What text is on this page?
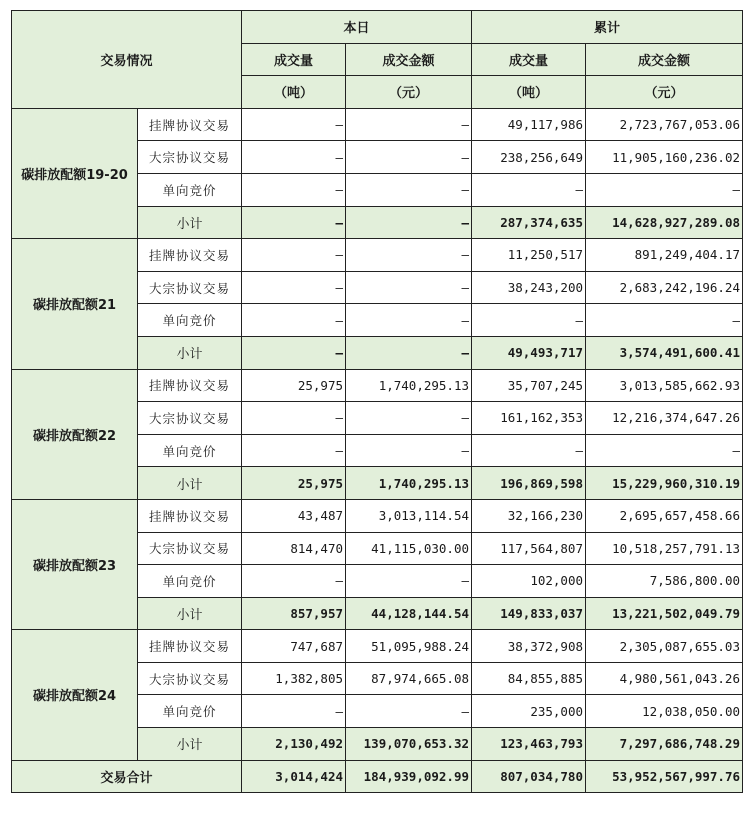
交易情况		本日		累计	
		成交量	成交金额	成交量	成交金额
		（吨）	（元）	（吨）	（元）
碳排放配额19-20	挂牌协议交易	–	–	49,117,986	2,723,767,053.06
	大宗协议交易	–	–	238,256,649	11,905,160,236.02
	单向竞价	–	–	–	–
	小计	–	–	287,374,635	14,628,927,289.08
碳排放配额21	挂牌协议交易	–	–	11,250,517	891,249,404.17
	大宗协议交易	–	–	38,243,200	2,683,242,196.24
	单向竞价	–	–	–	–
	小计	–	–	49,493,717	3,574,491,600.41
碳排放配额22	挂牌协议交易	25,975	1,740,295.13	35,707,245	3,013,585,662.93
	大宗协议交易	–	–	161,162,353	12,216,374,647.26
	单向竞价	–	–	–	–
	小计	25,975	1,740,295.13	196,869,598	15,229,960,310.19
碳排放配额23	挂牌协议交易	43,487	3,013,114.54	32,166,230	2,695,657,458.66
	大宗协议交易	814,470	41,115,030.00	117,564,807	10,518,257,791.13
	单向竞价	–	–	102,000	7,586,800.00
	小计	857,957	44,128,144.54	149,833,037	13,221,502,049.79
碳排放配额24	挂牌协议交易	747,687	51,095,988.24	38,372,908	2,305,087,655.03
	大宗协议交易	1,382,805	87,974,665.08	84,855,885	4,980,561,043.26
	单向竞价	–	–	235,000	12,038,050.00
	小计	2,130,492	139,070,653.32	123,463,793	7,297,686,748.29
交易合计		3,014,424	184,939,092.99	807,034,780	53,952,567,997.76
